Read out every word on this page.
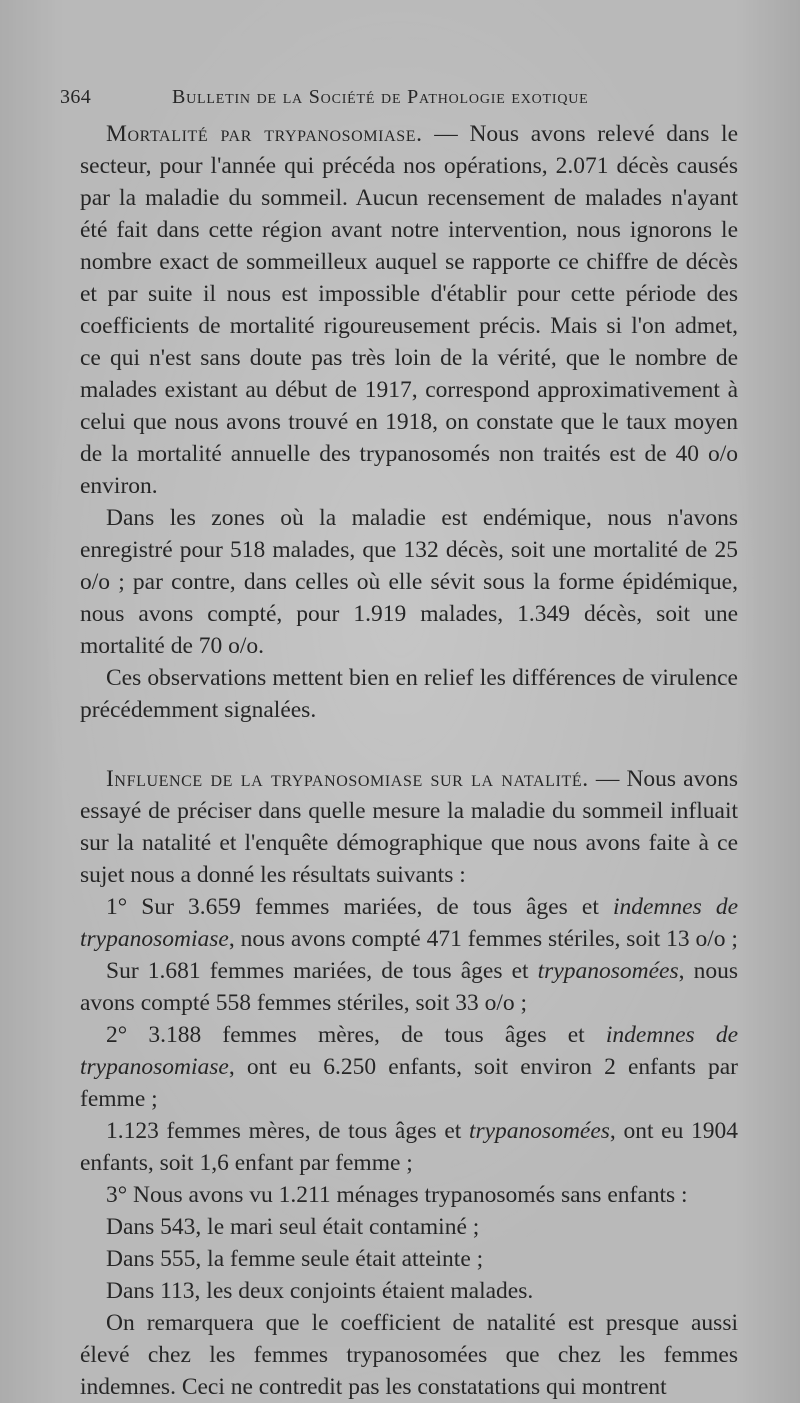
364	Bulletin de la Société de Pathologie exotique

Mortalité par trypanosomiase. — Nous avons relevé dans le secteur, pour l'année qui précéda nos opérations, 2.071 décès causés par la maladie du sommeil. Aucun recensement de malades n'ayant été fait dans cette région avant notre intervention, nous ignorons le nombre exact de sommeilleux auquel se rapporte ce chiffre de décès et par suite il nous est impossible d'établir pour cette période des coefficients de mortalité rigoureusement précis. Mais si l'on admet, ce qui n'est sans doute pas très loin de la vérité, que le nombre de malades existant au début de 1917, correspond approximativement à celui que nous avons trouvé en 1918, on constate que le taux moyen de la mortalité annuelle des trypanosomés non traités est de 40 o/o environ.

Dans les zones où la maladie est endémique, nous n'avons enregistré pour 518 malades, que 132 décès, soit une mortalité de 25 o/o ; par contre, dans celles où elle sévit sous la forme épidémique, nous avons compté, pour 1.919 malades, 1.349 décès, soit une mortalité de 70 o/o.

Ces observations mettent bien en relief les différences de virulence précédemment signalées.

Influence de la trypanosomiase sur la natalité. — Nous avons essayé de préciser dans quelle mesure la maladie du sommeil influait sur la natalité et l'enquête démographique que nous avons faite à ce sujet nous a donné les résultats suivants :

1° Sur 3.659 femmes mariées, de tous âges et indemnes de trypanosomiase, nous avons compté 471 femmes stériles, soit 13 o/o ;

Sur 1.681 femmes mariées, de tous âges et trypanosomées, nous avons compté 558 femmes stériles, soit 33 o/o ;

2° 3.188 femmes mères, de tous âges et indemnes de trypanosomiase, ont eu 6.250 enfants, soit environ 2 enfants par femme ;

1.123 femmes mères, de tous âges et trypanosomées, ont eu 1904 enfants, soit 1,6 enfant par femme ;

3° Nous avons vu 1.211 ménages trypanosomés sans enfants :

Dans 543, le mari seul était contaminé ;

Dans 555, la femme seule était atteinte ;

Dans 113, les deux conjoints étaient malades.

On remarquera que le coefficient de natalité est presque aussi élevé chez les femmes trypanosomées que chez les femmes indemnes. Ceci ne contredit pas les constatations qui montrent
